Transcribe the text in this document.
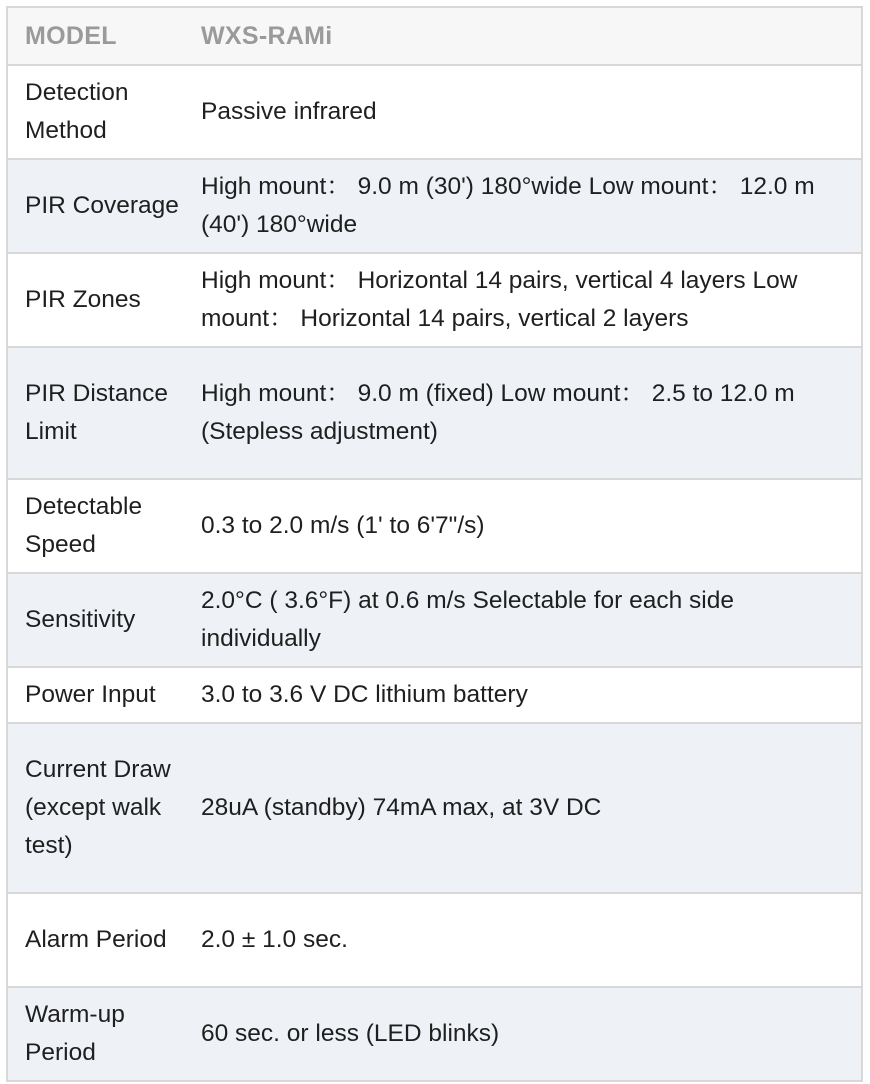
MODEL	WXS-RAMi
Detection Method	Passive infrared
PIR Coverage	High mount： 9.0 m (30') 180°wide Low mount： 12.0 m (40') 180°wide
PIR Zones	High mount： Horizontal 14 pairs, vertical 4 layers Low mount： Horizontal 14 pairs, vertical 2 layers
PIR Distance Limit	High mount： 9.0 m (fixed) Low mount： 2.5 to 12.0 m (Stepless adjustment)
Detectable Speed	0.3 to 2.0 m/s (1' to 6'7"/s)
Sensitivity	2.0°C ( 3.6°F) at 0.6 m/s Selectable for each side individually
Power Input	3.0 to 3.6 V DC lithium battery
Current Draw (except walk test)	28uA (standby) 74mA max, at 3V DC
Alarm Period	2.0 ± 1.0 sec.
Warm-up Period	60 sec. or less (LED blinks)
